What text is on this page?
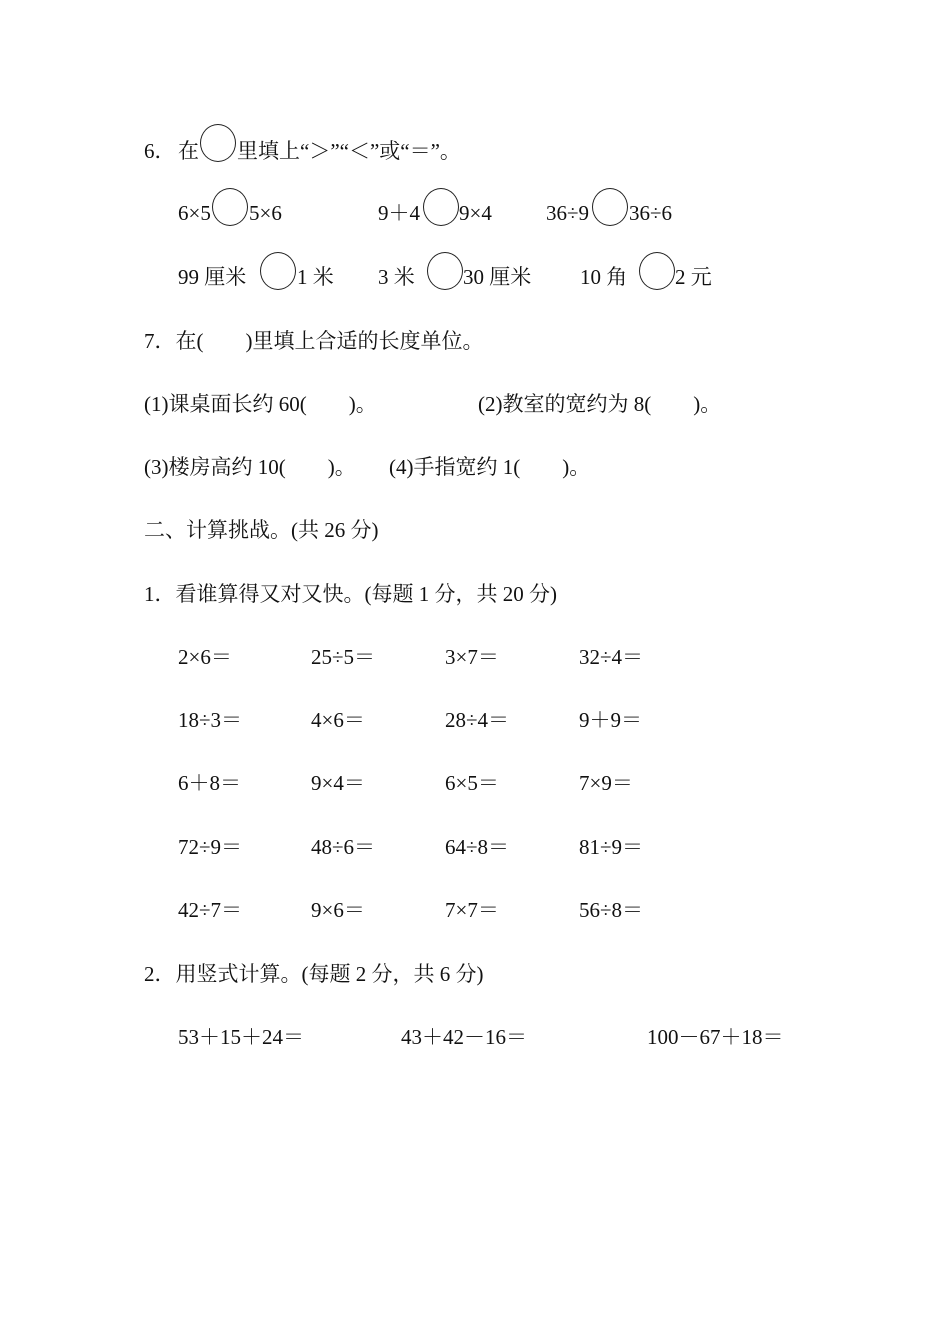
6． 在 里填上“＞”“＜”或“＝”。
6×5 5×6	9＋4 9×4	36÷9 36÷6
99 厘米 1 米 3 米 30 厘米 10 角 2 元
7．在(　　)里填上合适的长度单位。
(1)课桌面长约 60(　　)。	(2)教室的宽约为 8(　　)。
(3)楼房高约 10(　　)。 (4)手指宽约 1(　　)。
二、计算挑战。(共 26 分)
1．看谁算得又对又快。(每题 1 分，共 20 分)
2×6＝	25÷5＝	3×7＝	32÷4＝
18÷3＝	4×6＝	28÷4＝	9＋9＝
6＋8＝	9×4＝	6×5＝	7×9＝
72÷9＝	48÷6＝	64÷8＝	81÷9＝
42÷7＝	9×6＝	7×7＝	56÷8＝
2．用竖式计算。(每题 2 分，共 6 分)
53＋15＋24＝	43＋42－16＝	100－67＋18＝
